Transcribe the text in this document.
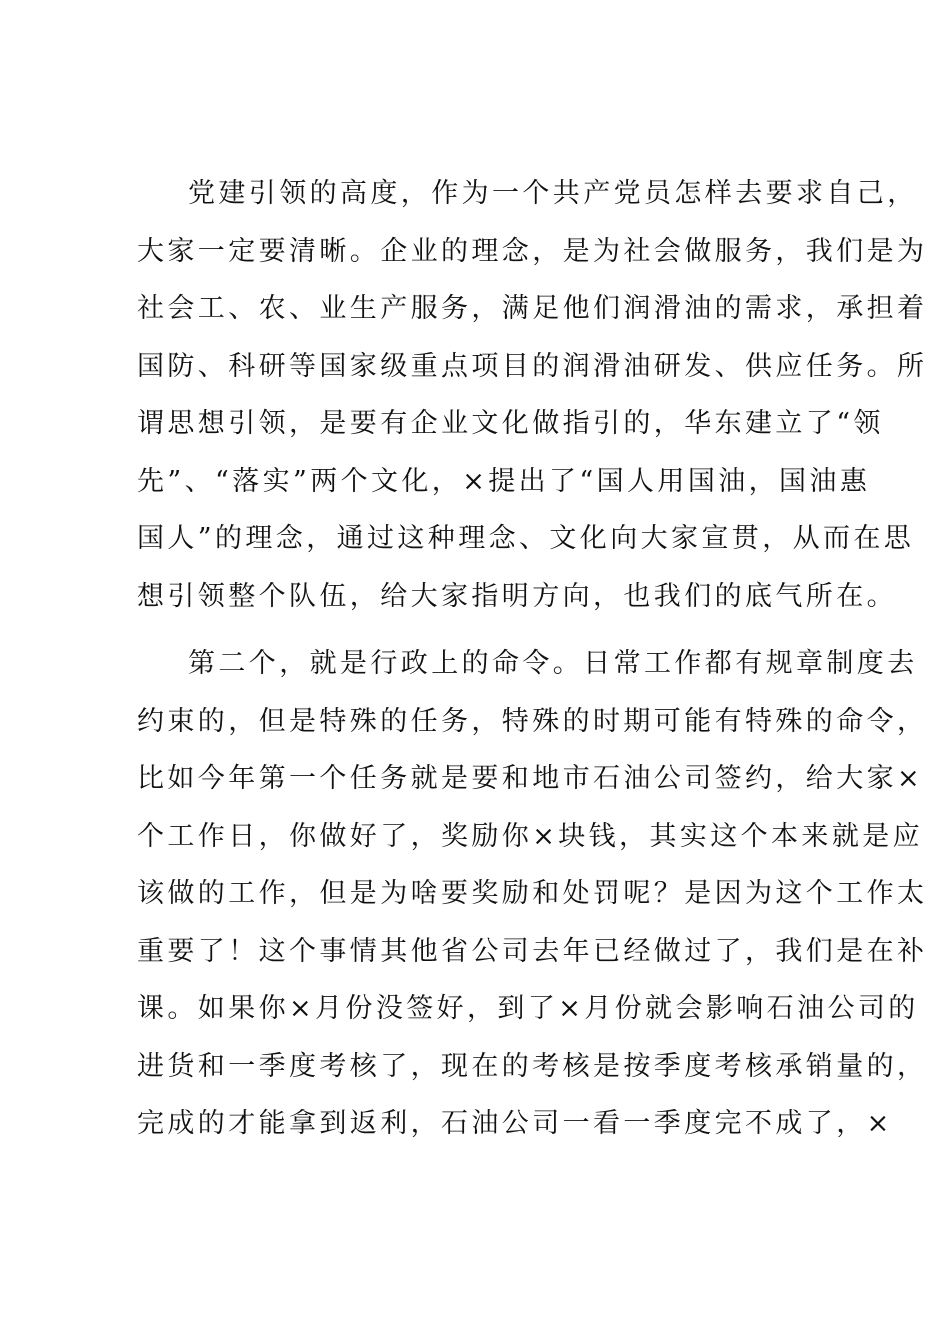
党建引领的高度，作为一个共产党员怎样去要求自己，
大家一定要清晰。企业的理念，是为社会做服务，我们是为
社会工、农、业生产服务，满足他们润滑油的需求，承担着
国防、科研等国家级重点项目的润滑油研发、供应任务。所
谓思想引领，是要有企业文化做指引的，华东建立了“领
先”、“落实”两个文化，×提出了“国人用国油，国油惠
国人”的理念，通过这种理念、文化向大家宣贯，从而在思
想引领整个队伍，给大家指明方向，也我们的底气所在。

第二个，就是行政上的命令。日常工作都有规章制度去
约束的，但是特殊的任务，特殊的时期可能有特殊的命令，
比如今年第一个任务就是要和地市石油公司签约，给大家×
个工作日，你做好了，奖励你×块钱，其实这个本来就是应
该做的工作，但是为啥要奖励和处罚呢？是因为这个工作太
重要了！这个事情其他省公司去年已经做过了，我们是在补
课。如果你×月份没签好，到了×月份就会影响石油公司的
进货和一季度考核了，现在的考核是按季度考核承销量的，
完成的才能拿到返利，石油公司一看一季度完不成了，×
